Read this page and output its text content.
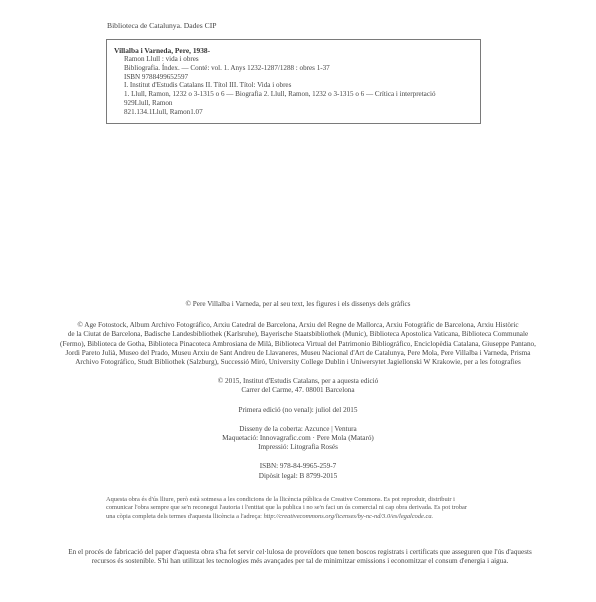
Biblioteca de Catalunya. Dades CIP
Villalba i Varneda, Pere, 1938-
Ramon Llull : vida i obres
Bibliografia. Índex. — Conté: vol. 1. Anys 1232-1287/1288 : obres 1-37
ISBN 9788499652597
I. Institut d'Estudis Catalans II. Títol III. Títol: Vida i obres
1. Llull, Ramon, 1232 o 3-1315 o 6 — Biografia 2. Llull, Ramon, 1232 o 3-1315 o 6 — Crítica i interpretació
929Llull, Ramon
821.134.1Llull, Ramon1.07

© Pere Villalba i Varneda, per al seu text, les figures i els dissenys dels gràfics

© Age Fotostock, Album Archivo Fotográfico, Arxiu Catedral de Barcelona, Arxiu del Regne de Mallorca, Arxiu Fotogràfic de Barcelona, Arxiu Històric

de la Ciutat de Barcelona, Badische Landesbibliothek (Karlsruhe), Bayerische Staatsbibliothek (Munic), Biblioteca Apostolica Vaticana, Biblioteca Communale

(Fermo), Biblioteca de Gotha, Biblioteca Pinacoteca Ambrosiana de Milà, Biblioteca Virtual del Patrimonio Bibliográfico, Enciclopèdia Catalana, Giuseppe Pantano,

Jordi Pareto Julià, Museo del Prado, Museu Arxiu de Sant Andreu de Llavaneres, Museu Nacional d'Art de Catalunya, Pere Mola, Pere Villalba i Varneda, Prisma

Archivo Fotográfico, Studt Bibliothek (Salzburg), Successió Miró, University College Dublin i Uniwersytet Jagiellonski W Krakowie, per a les fotografies

© 2015, Institut d'Estudis Catalans, per a aquesta edició

Carrer del Carme, 47. 08001 Barcelona

Primera edició (no venal): juliol del 2015

Disseny de la coberta: Azcunce | Ventura

Maquetació: Innovagrafic.com · Pere Mola (Mataró)

Impressió: Litografia Rosés

ISBN: 978-84-9965-259-7

Dipòsit legal: B 8799-2015

Aquesta obra és d'ús lliure, però està sotmesa a les condicions de la llicència pública de Creative Commons. Es pot reproduir, distribuir i
comunicar l'obra sempre que se'n reconegui l'autoria i l'entitat que la publica i no se'n faci un ús comercial ni cap obra derivada. Es pot trobar
una còpia completa dels termes d'aquesta llicència a l'adreça: http://creativecommons.org/licenses/by-nc-nd/3.0/es/legalcode.ca.
En el procés de fabricació del paper d'aquesta obra s'ha fet servir cel·lulosa de proveïdors que tenen boscos registrats i certificats que asseguren que l'ús d'aquests
recursos és sostenible. S'hi han utilitzat les tecnologies més avançades per tal de minimitzar emissions i economitzar el consum d'energia i aigua.
